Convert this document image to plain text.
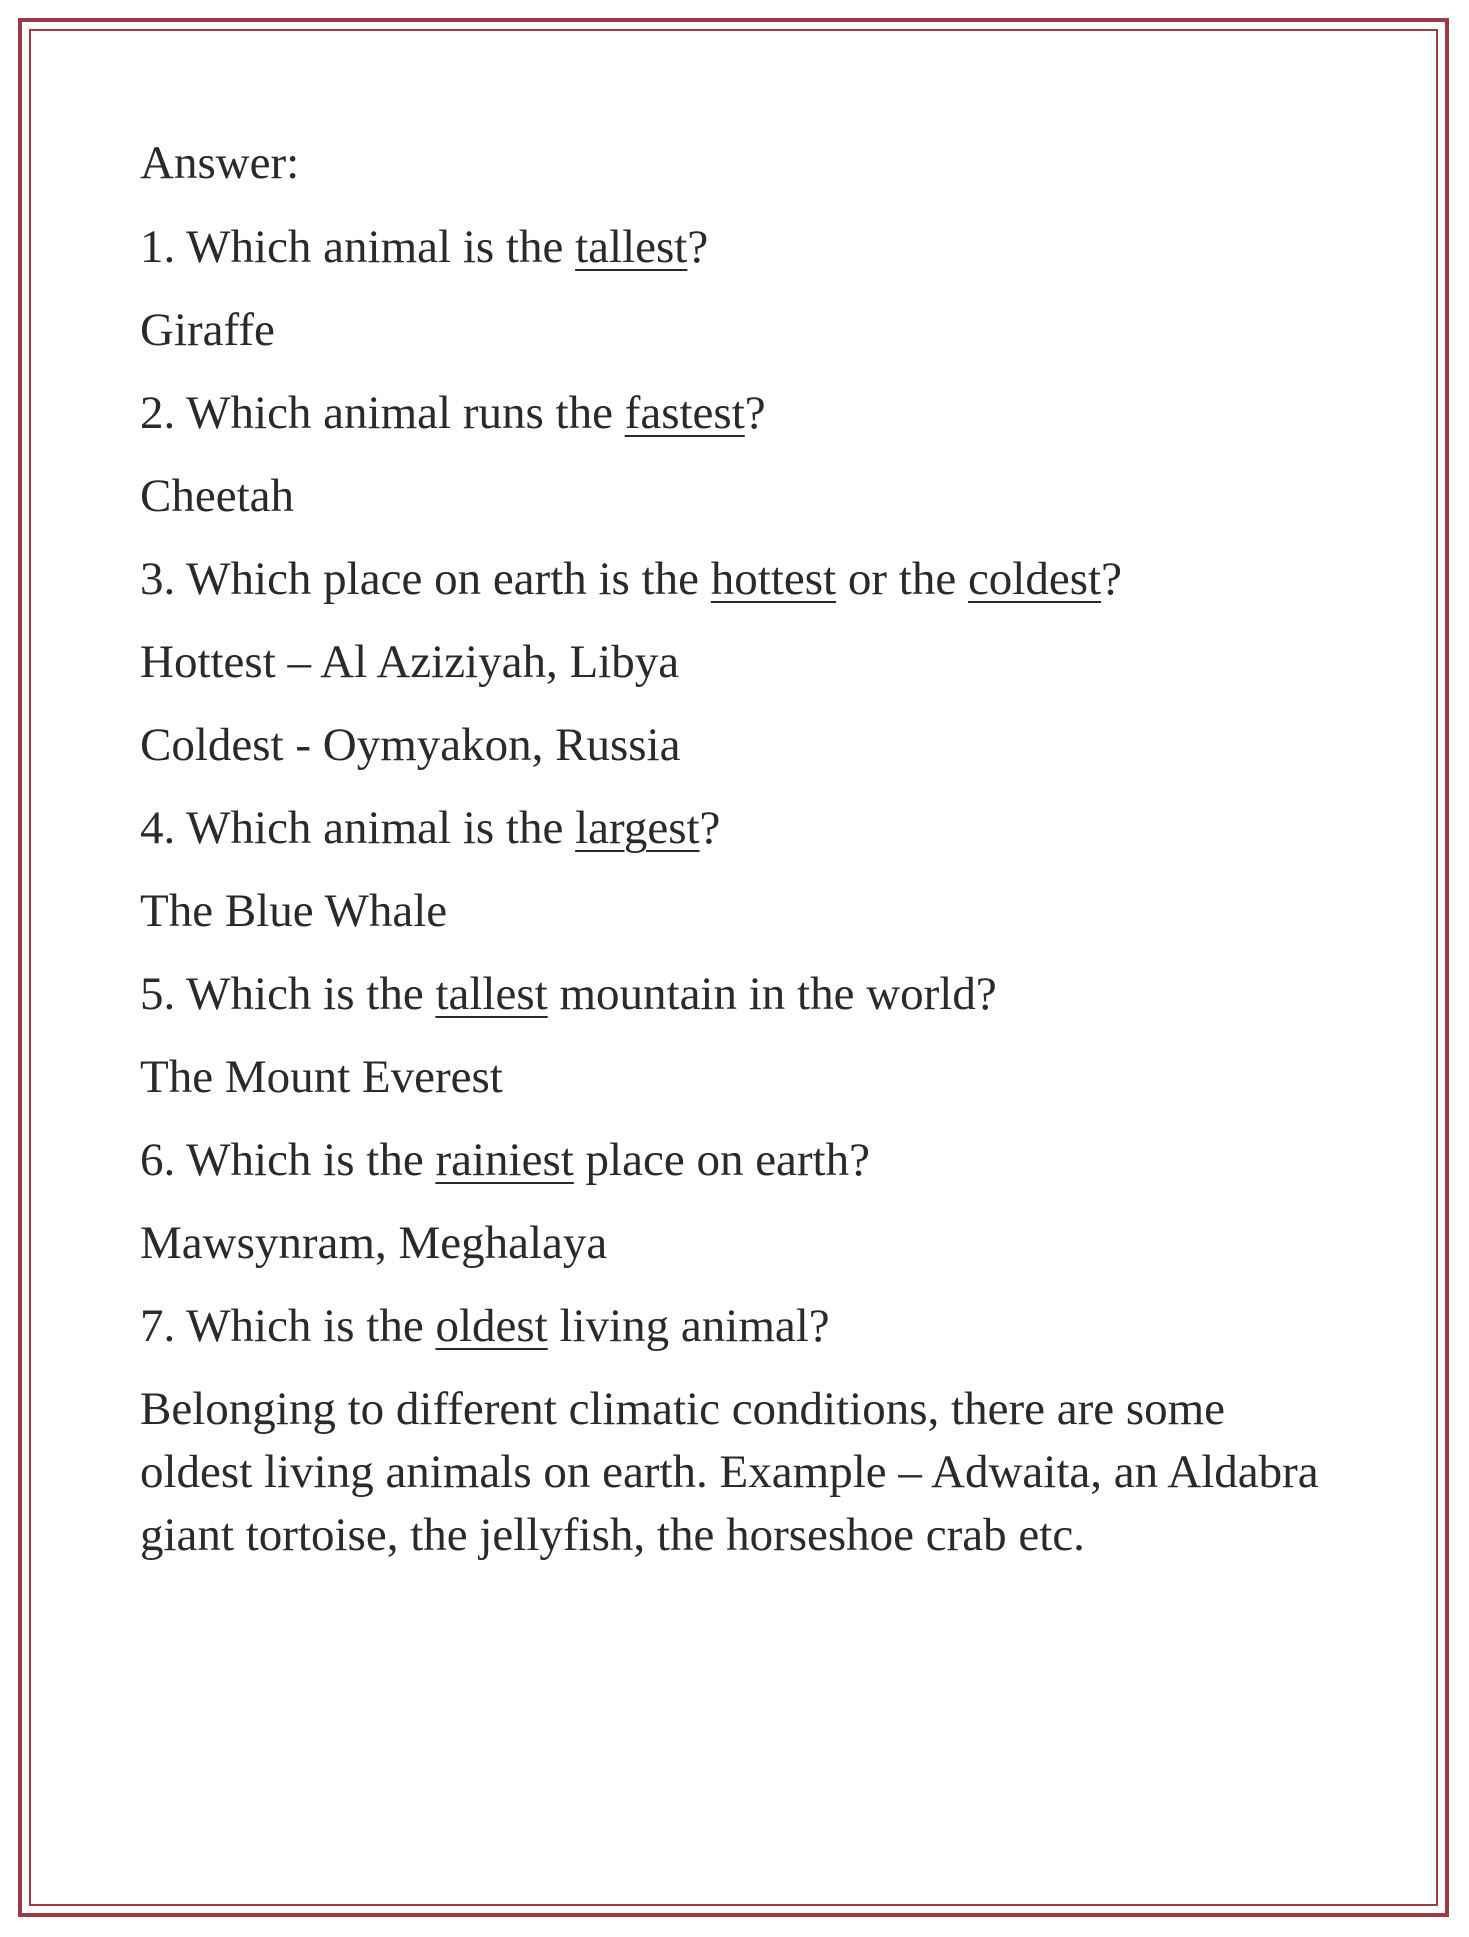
Answer:
1. Which animal is the tallest?
Giraffe
2. Which animal runs the fastest?
Cheetah
3. Which place on earth is the hottest or the coldest?
Hottest – Al Aziziyah, Libya
Coldest - Oymyakon, Russia
4. Which animal is the largest?
The Blue Whale
5. Which is the tallest mountain in the world?
The Mount Everest
6. Which is the rainiest place on earth?
Mawsynram, Meghalaya
7. Which is the oldest living animal?
Belonging to different climatic conditions, there are some oldest living animals on earth. Example – Adwaita, an Aldabra giant tortoise, the jellyfish, the horseshoe crab etc.
